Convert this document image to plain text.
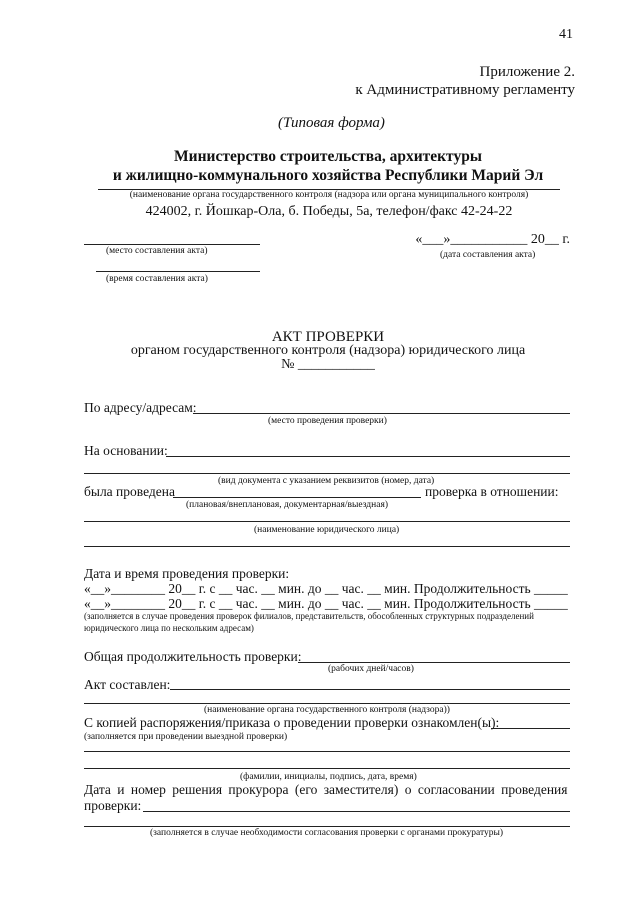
41
Приложение 2.
к Административному регламенту
(Типовая форма)
Министерство строительства, архитектуры
и жилищно-коммунального хозяйства Республики Марий Эл
(наименование органа государственного контроля (надзора или органа муниципального контроля)
424002, г. Йошкар-Ола, б. Победы, 5а, телефон/факс 42-24-22
(место составления акта)
«___»___________ 20__ г.
(дата составления акта)
(время составления акта)
АКТ ПРОВЕРКИ
органом государственного контроля (надзора) юридического лица
№ ___________
По адресу/адресам:
(место проведения проверки)
На основании:
(вид документа с указанием реквизитов (номер, дата)
была проведена	проверка в отношении:
(плановая/внеплановая, документарная/выездная)
(наименование юридического лица)
Дата и время проведения проверки:
«__»________ 20__ г. с __ час. __ мин. до __ час. __ мин. Продолжительность _____
«__»________ 20__ г. с __ час. __ мин. до __ час. __ мин. Продолжительность _____
(заполняется в случае проведения проверок филиалов, представительств, обособленных структурных подразделений
юридического лица по нескольким адресам)
Общая продолжительность проверки:
(рабочих дней/часов)
Акт составлен:
(наименование органа государственного контроля (надзора))
С копией распоряжения/приказа о проведении проверки ознакомлен(ы):
(заполняется при проведении выездной проверки)
(фамилии, инициалы, подпись, дата, время)
Дата и номер решения прокурора (его заместителя) о согласовании проведения
проверки:
(заполняется в случае необходимости согласования проверки с органами прокуратуры)
